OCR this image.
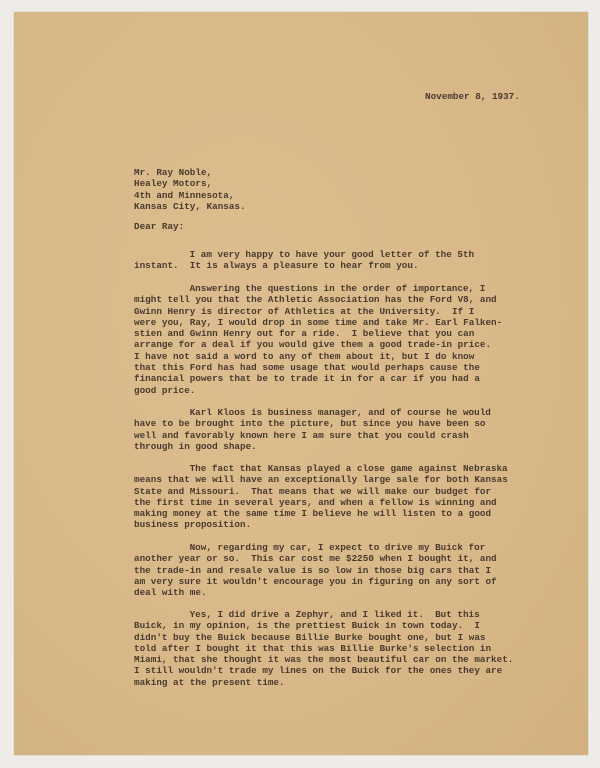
November 8, 1937.
Mr. Ray Noble,
Healey Motors,
4th and Minnesota,
Kansas City, Kansas.
Dear Ray:
I am very happy to have your good letter of the 5th
instant.  It is always a pleasure to hear from you.
Answering the questions in the order of importance, I
might tell you that the Athletic Association has the Ford V8, and
Gwinn Henry is director of Athletics at the University.  If I
were you, Ray, I would drop in some time and take Mr. Earl Falken-
stien and Gwinn Henry out for a ride.  I believe that you can
arrange for a deal if you would give them a good trade-in price.
I have not said a word to any of them about it, but I do know
that this Ford has had some usage that would perhaps cause the
financial powers that be to trade it in for a car if you had a
good price.
Karl Kloos is business manager, and of course he would
have to be brought into the picture, but since you have been so
well and favorably known here I am sure that you could crash
through in good shape.
The fact that Kansas played a close game against Nebraska
means that we will have an exceptionally large sale for both Kansas
State and Missouri.  That means that we will make our budget for
the first time in several years, and when a fellow is winning and
making money at the same time I believe he will listen to a good
business proposition.
Now, regarding my car, I expect to drive my Buick for
another year or so.  This car cost me $2250 when I bought it, and
the trade-in and resale value is so low in those big cars that I
am very sure it wouldn't encourage you in figuring on any sort of
deal with me.
Yes, I did drive a Zephyr, and I liked it.  But this
Buick, in my opinion, is the prettiest Buick in town today.  I
didn't buy the Buick because Billie Burke bought one, but I was
told after I bought it that this was Billie Burke's selection in
Miami, that she thought it was the most beautiful car on the market.
I still wouldn't trade my lines on the Buick for the ones they are
making at the present time.
